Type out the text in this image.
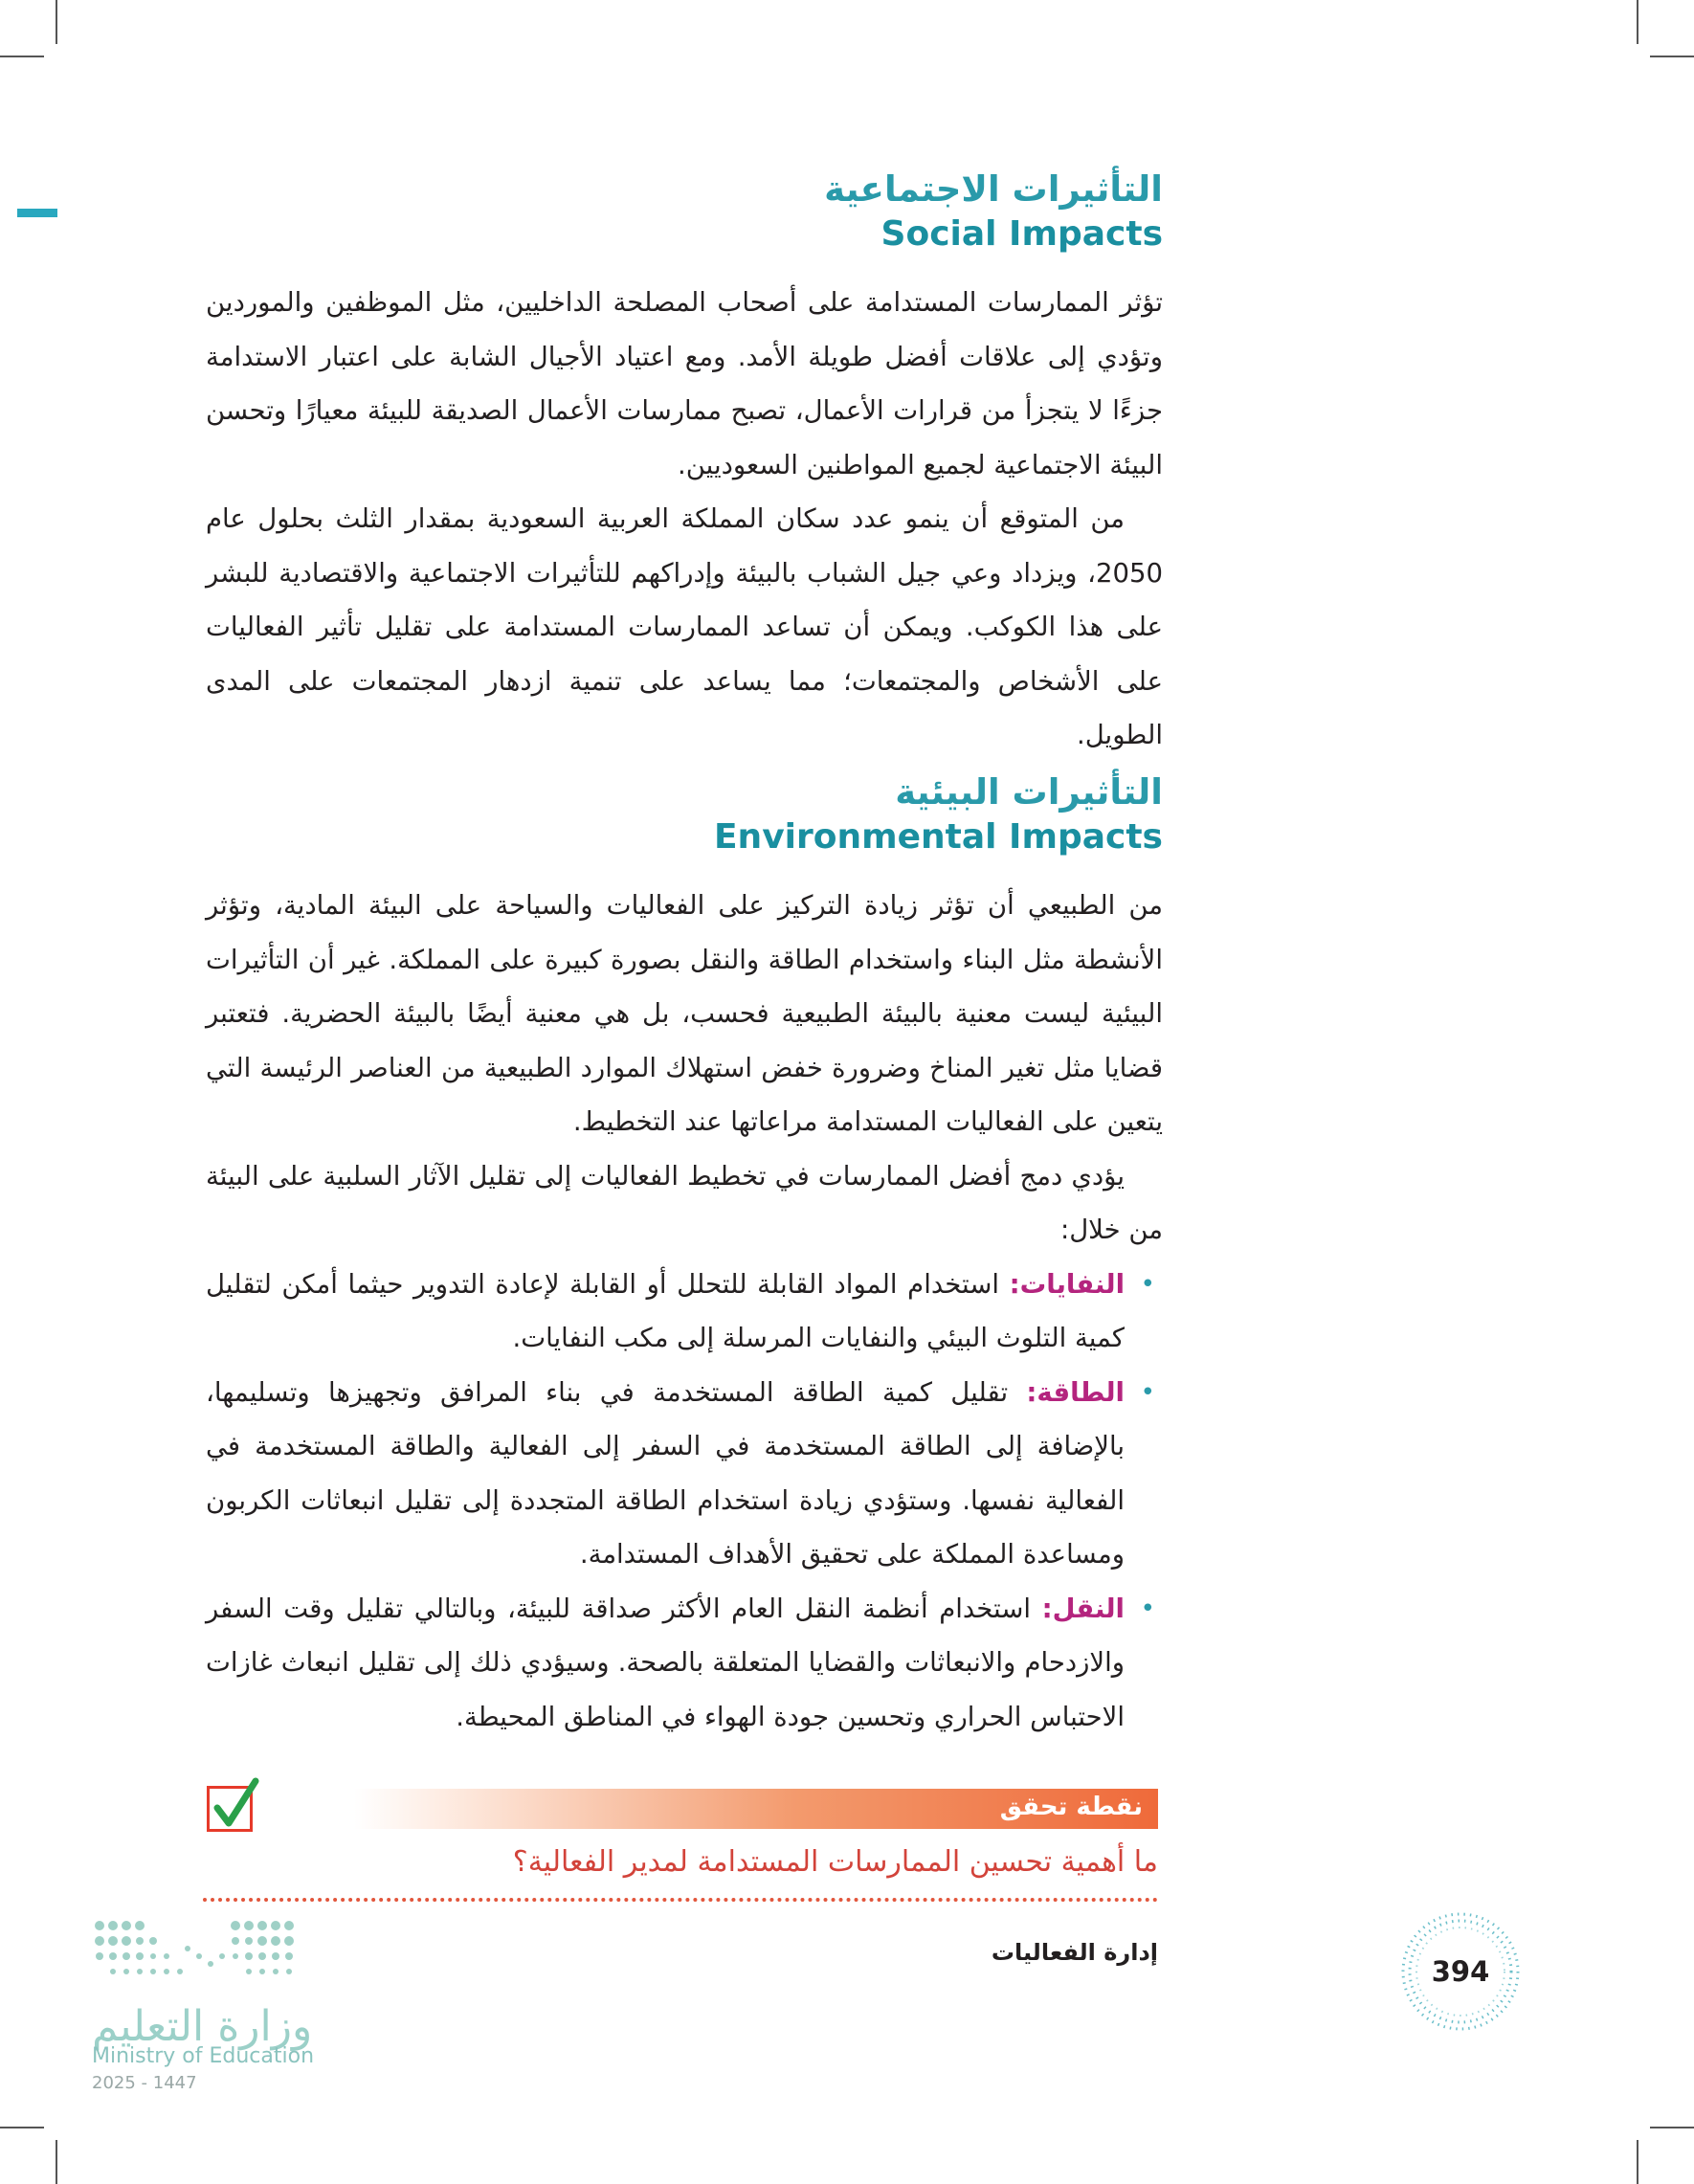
التأثيرات الاجتماعية
Social Impacts

تؤثر الممارسات المستدامة على أصحاب المصلحة الداخليين، مثل الموظفين والموردين وتؤدي إلى علاقات أفضل طويلة الأمد. ومع اعتياد الأجيال الشابة على اعتبار الاستدامة جزءًا لا يتجزأ من قرارات الأعمال، تصبح ممارسات الأعمال الصديقة للبيئة معيارًا وتحسن البيئة الاجتماعية لجميع المواطنين السعوديين.

من المتوقع أن ينمو عدد سكان المملكة العربية السعودية بمقدار الثلث بحلول عام 2050، ويزداد وعي جيل الشباب بالبيئة وإدراكهم للتأثيرات الاجتماعية والاقتصادية للبشر على هذا الكوكب. ويمكن أن تساعد الممارسات المستدامة على تقليل تأثير الفعاليات على الأشخاص والمجتمعات؛ مما يساعد على تنمية ازدهار المجتمعات على المدى الطويل.

التأثيرات البيئية
Environmental Impacts

من الطبيعي أن تؤثر زيادة التركيز على الفعاليات والسياحة على البيئة المادية، وتؤثر الأنشطة مثل البناء واستخدام الطاقة والنقل بصورة كبيرة على المملكة. غير أن التأثيرات البيئية ليست معنية بالبيئة الطبيعية فحسب، بل هي معنية أيضًا بالبيئة الحضرية. فتعتبر قضايا مثل تغير المناخ وضرورة خفض استهلاك الموارد الطبيعية من العناصر الرئيسة التي يتعين على الفعاليات المستدامة مراعاتها عند التخطيط.

يؤدي دمج أفضل الممارسات في تخطيط الفعاليات إلى تقليل الآثار السلبية على البيئة من خلال:

•
النفايات: استخدام المواد القابلة للتحلل أو القابلة لإعادة التدوير حيثما أمكن لتقليل كمية التلوث البيئي والنفايات المرسلة إلى مكب النفايات.
•
الطاقة: تقليل كمية الطاقة المستخدمة في بناء المرافق وتجهيزها وتسليمها، بالإضافة إلى الطاقة المستخدمة في السفر إلى الفعالية والطاقة المستخدمة في الفعالية نفسها. وستؤدي زيادة استخدام الطاقة المتجددة إلى تقليل انبعاثات الكربون ومساعدة المملكة على تحقيق الأهداف المستدامة.
•
النقل: استخدام أنظمة النقل العام الأكثر صداقة للبيئة، وبالتالي تقليل وقت السفر والازدحام والانبعاثات والقضايا المتعلقة بالصحة. وسيؤدي ذلك إلى تقليل انبعاث غازات الاحتباس الحراري وتحسين جودة الهواء في المناطق المحيطة.
نقطة تحقق
ما أهمية تحسين الممارسات المستدامة لمدير الفعالية؟
394
إدارة الفعاليات
وزارة التعليم
Ministry of Education
2025 - 1447
